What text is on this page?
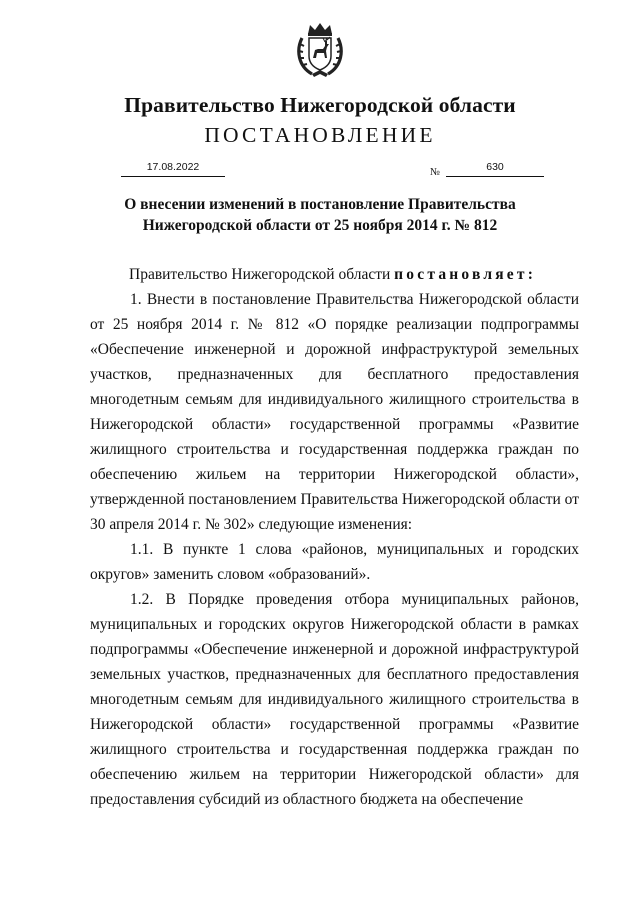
Правительство Нижегородской области
ПОСТАНОВЛЕНИЕ
17.08.2022	№	630
О внесении изменений в постановление Правительства
Нижегородской области от 25 ноября 2014 г. № 812

Правительство Нижегородской области постановляет:

1. Внести в постановление Правительства Нижегородской области от 25 ноября 2014 г. № 812 «О порядке реализации подпрограммы «Обеспечение инженерной и дорожной инфраструктурой земельных участков, предназначенных для бесплатного предоставления многодетным семьям для индивидуального жилищного строительства в Нижегородской области» государственной программы «Развитие жилищного строительства и государственная поддержка граждан по обеспечению жильем на территории Нижегородской области», утвержденной постановлением Правительства Нижегородской области от 30 апреля 2014 г. № 302» следующие изменения:

1.1. В пункте 1 слова «районов, муниципальных и городских округов» заменить словом «образований».

1.2. В Порядке проведения отбора муниципальных районов, муниципальных и городских округов Нижегородской области в рамках подпрограммы «Обеспечение инженерной и дорожной инфраструктурой земельных участков, предназначенных для бесплатного предоставления многодетным семьям для индивидуального жилищного строительства в Нижегородской области» государственной программы «Развитие жилищного строительства и государственная поддержка граждан по обеспечению жильем на территории Нижегородской области» для предоставления субсидий из областного бюджета на обеспечение
